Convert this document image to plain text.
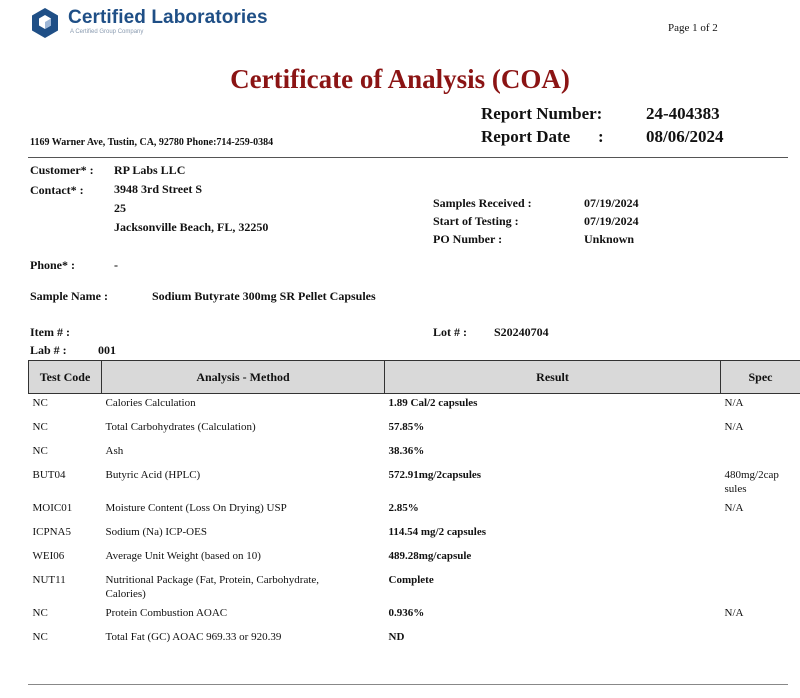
Certified Laboratories
A Certified Group Company	Page 1 of 2
Certificate of Analysis (COA)
Report Number:	24-404383
Report Date : 08/06/2024
1169 Warner Ave, Tustin, CA, 92780 Phone:714-259-0384
Customer* : RP Labs LLC
Contact* :	3948 3rd Street S
25
Jacksonville Beach, FL, 32250
Samples Received :	07/19/2024
Start of Testing :	07/19/2024
PO Number :	Unknown
Phone* :	-
Sample Name :	Sodium Butyrate 300mg SR Pellet Capsules
Item # :	Lot # : S20240704
Lab # :	001
Test Code	Analysis - Method	Result	Spec
NC	Calories Calculation	1.89 Cal/2 capsules	N/A
NC	Total Carbohydrates (Calculation)	57.85%	N/A
NC	Ash	38.36%	
BUT04	Butyric Acid (HPLC)	572.91mg/2capsules	480mg/2cap
sules
MOIC01	Moisture Content (Loss On Drying) USP	2.85%	N/A
ICPNA5	Sodium (Na) ICP-OES	114.54 mg/2 capsules	
WEI06	Average Unit Weight (based on 10)	489.28mg/capsule	
NUT11	Nutritional Package (Fat, Protein, Carbohydrate,
Calories)	Complete	
NC	Protein Combustion AOAC	0.936%	N/A
NC	Total Fat (GC) AOAC 969.33 or 920.39	ND	
